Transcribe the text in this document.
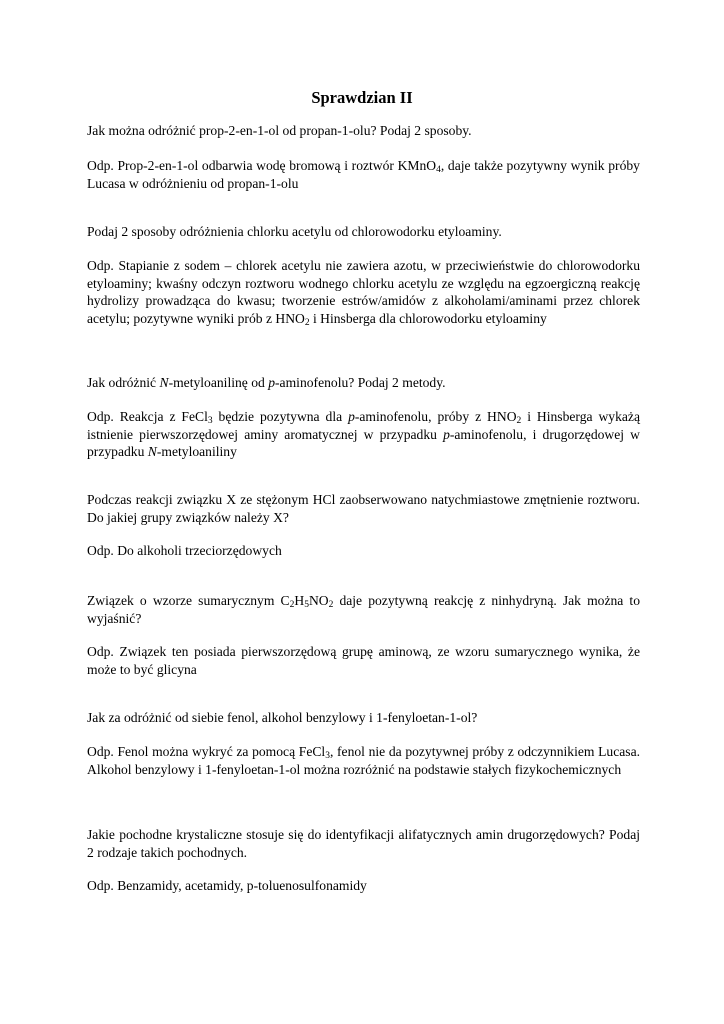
Sprawdzian II

Jak można odróżnić prop-2-en-1-ol od propan-1-olu? Podaj 2 sposoby.

Odp. Prop-2-en-1-ol odbarwia wodę bromową i roztwór KMnO$_4$, daje także pozytywny wynik próby Lucasa w odróżnieniu od propan-1-olu

Podaj 2 sposoby odróżnienia chlorku acetylu od chlorowodorku etyloaminy.

Odp. Stapianie z sodem – chlorek acetylu nie zawiera azotu, w przeciwieństwie do chlorowodorku etyloaminy; kwaśny odczyn roztworu wodnego chlorku acetylu ze względu na egzoergiczną reakcję hydrolizy prowadząca do kwasu; tworzenie estrów/amidów z alkoholami/aminami przez chlorek acetylu; pozytywne wyniki prób z $HNO_2$ i Hinsberga dla chlorowodorku etyloaminy

Jak odróżnić N-metyloanilinę od p-aminofenolu? Podaj 2 metody.

Odp. Reakcja z FeCl$_3$ będzie pozytywna dla p-aminofenolu, próby z $HNO_2$ i Hinsberga wykażą istnienie pierwszorzędowej aminy aromatycznej w przypadku p-aminofenolu, i drugorzędowej w przypadku N-metyloaniliny

Podczas reakcji związku X ze stężonym HCl zaobserwowano natychmiastowe zmętnienie roztworu. Do jakiej grupy związków należy X?

Odp. Do alkoholi trzeciorzędowych

Związek o wzorze sumarycznym $C_2H_5NO_2$ daje pozytywną reakcję z ninhydryną. Jak można to wyjaśnić?

Odp. Związek ten posiada pierwszorzędową grupę aminową, ze wzoru sumarycznego wynika, że może to być glicyna

Jak za odróżnić od siebie fenol, alkohol benzylowy i 1-fenyloetan-1-ol?

Odp. Fenol można wykryć za pomocą FeCl$_3$, fenol nie da pozytywnej próby z odczynnikiem Lucasa. Alkohol benzylowy i 1-fenyloetan-1-ol można rozróżnić na podstawie stałych fizykochemicznych

Jakie pochodne krystaliczne stosuje się do identyfikacji alifatycznych amin drugorzędowych? Podaj 2 rodzaje takich pochodnych.

Odp. Benzamidy, acetamidy, p-toluenosulfonamidy
